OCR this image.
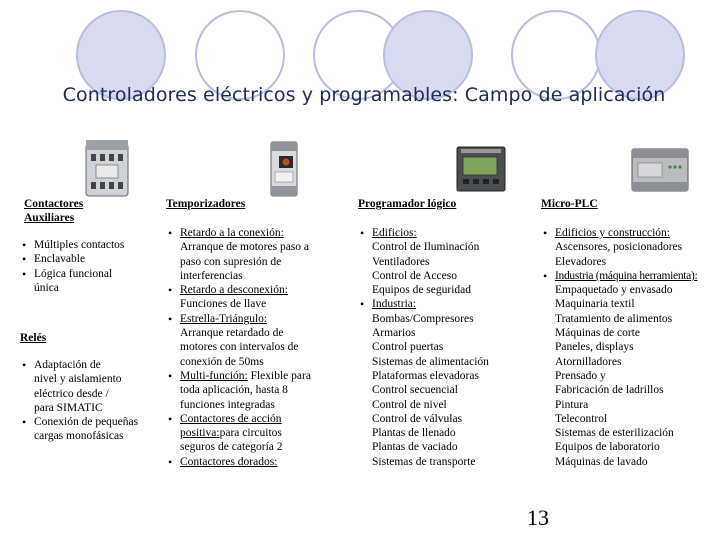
Controladores eléctricos y programables: Campo de aplicación
Contactores
Auxiliares
• Múltiples contactos
• Enclavable
• Lógica funcional
única
Relés
• Adaptación de
nivel y aislamiento
eléctrico desde /
para SIMATIC
• Conexión de pequeñas
cargas monofásicas
Temporizadores
• Retardo a la conexión:
Arranque de motores paso a
paso con supresión de
interferencias
• Retardo a desconexión:
Funciones de llave
• Estrella-Triángulo:
Arranque retardado de
motores con intervalos de
conexión de 50ms
• Multi-función: Flexible para
toda aplicación, hasta 8
funciones integradas
• Contactores de acción
positiva:para circuitos
seguros de categoría 2
• Contactores dorados:
Programador lógico
• Edificios:
Control de Iluminación
Ventiladores
Control de Acceso
Equipos de seguridad
• Industria:
Bombas/Compresores
Armarios
Control puertas
Sistemas de alimentación
Plataformas elevadoras
Control secuencial
Control de nivel
Control de válvulas
Plantas de llenado
Plantas de vaciado
Sistemas de transporte
Micro-PLC
• Edificios y construcción:
Ascensores, posicionadores
Elevadores
• Industria (máquina herramienta):
Empaquetado y envasado
Maquinaria textil
Tratamiento de alimentos
Máquinas de corte
Paneles, displays
Atornilladores
Prensado y
Fabricación de ladrillos
Pintura
Telecontrol
Sistemas de esterilización
Equipos de laboratorio
Máquinas de lavado
13
